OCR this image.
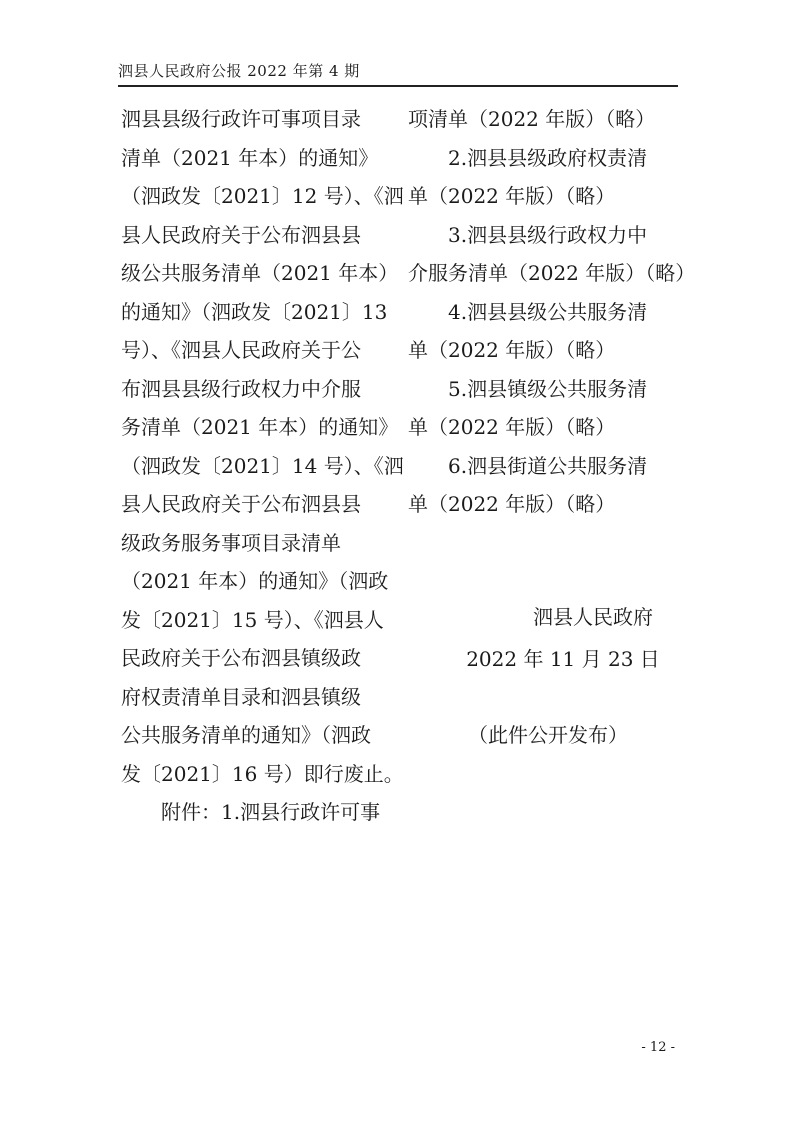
泗县人民政府公报 2022 年第 4 期
泗县县级行政许可事项目录
清单（2021 年本）的通知》
（泗政发〔2021〕12 号）、《泗
县人民政府关于公布泗县县
级公共服务清单（2021 年本）
的通知》（泗政发〔2021〕13
号）、《泗县人民政府关于公
布泗县县级行政权力中介服
务清单（2021 年本）的通知》
（泗政发〔2021〕14 号）、《泗
县人民政府关于公布泗县县
级政务服务事项目录清单
（2021 年本）的通知》（泗政
发〔2021〕15 号）、《泗县人
民政府关于公布泗县镇级政
府权责清单目录和泗县镇级
公共服务清单的通知》（泗政
发〔2021〕16 号）即行废止。
附件：1.泗县行政许可事
项清单（2022 年版）（略）
2.泗县县级政府权责清
单（2022 年版）（略）
3.泗县县级行政权力中
介服务清单（2022 年版）（略）
4.泗县县级公共服务清
单（2022 年版）（略）
5.泗县镇级公共服务清
单（2022 年版）（略）
6.泗县街道公共服务清
单（2022 年版）（略）
泗县人民政府
2022 年 11 月 23 日
（此件公开发布）
- 12 -
